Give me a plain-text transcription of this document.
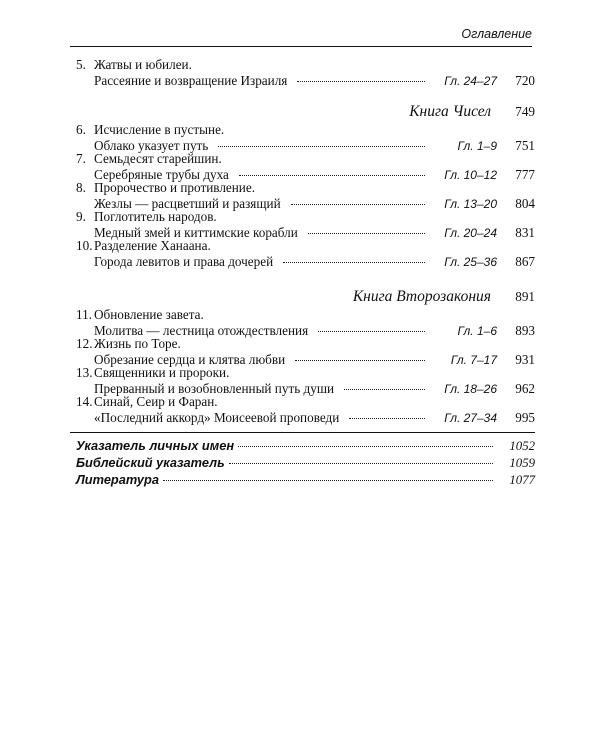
Оглавление
5. Жатвы и юбилеи.
Рассеяние и возвращение Израиля	Гл. 24–27	720
Книга Чисел	749
6. Исчисление в пустыне.
Облако указует путь	Гл. 1–9	751
7. Семьдесят старейшин.
Серебряные трубы духа	Гл. 10–12	777
8. Пророчество и противление.
Жезлы — расцветший и разящий	Гл. 13–20	804
9. Поглотитель народов.
Медный змей и киттимские корабли	Гл. 20–24	831
10. Разделение Ханаана.
Города левитов и права дочерей	Гл. 25–36	867
Книга Второзакония	891
11. Обновление завета.
Молитва — лестница отождествления	Гл. 1–6	893
12. Жизнь по Торе.
Обрезание сердца и клятва любви	Гл. 7–17	931
13. Священники и пророки.
Прерванный и возобновленный путь души	Гл. 18–26	962
14. Синай, Сеир и Фаран.
«Последний аккорд» Моисеевой проповеди	Гл. 27–34	995
Указатель личных имен	1052
Библейский указатель	1059
Литература	1077
